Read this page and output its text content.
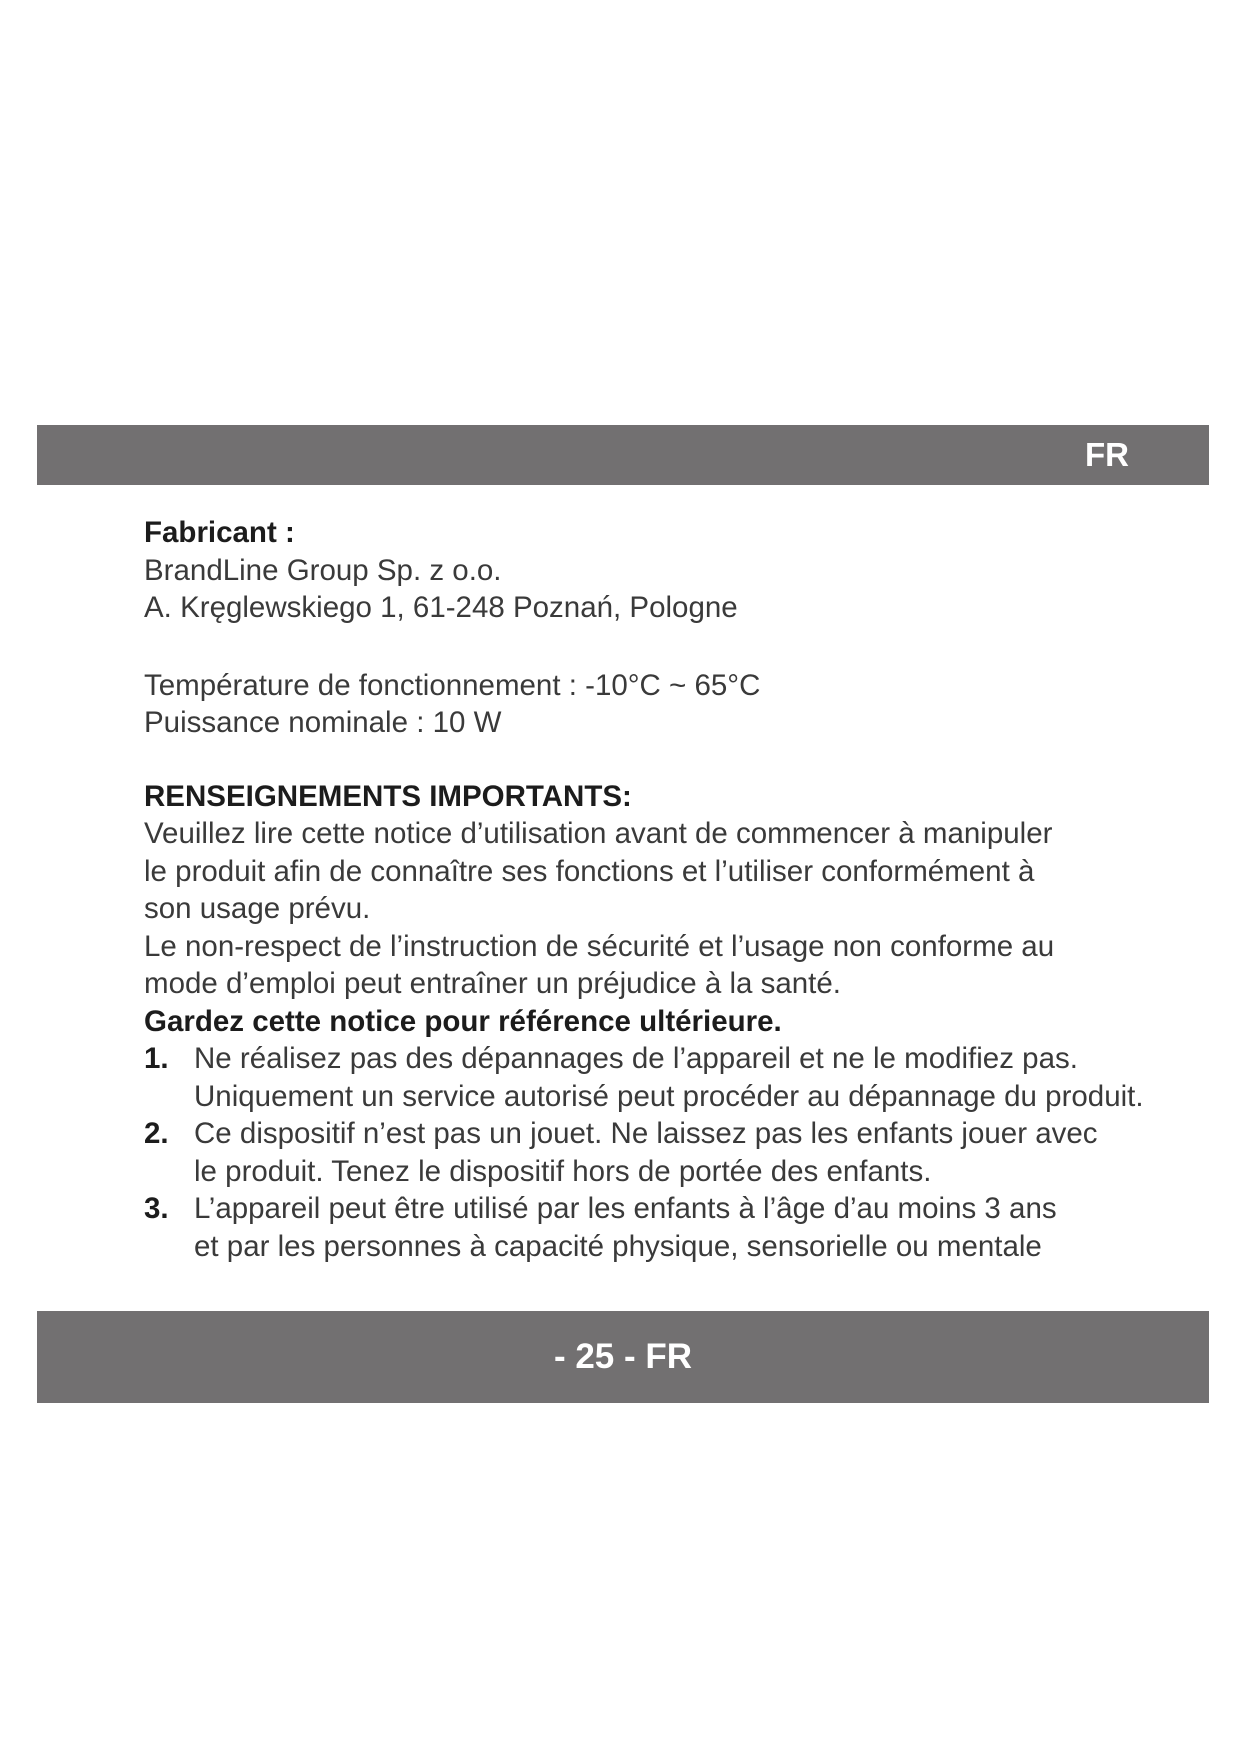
FR
Fabricant :
BrandLine Group Sp. z o.o.
A. Kręglewskiego 1, 61-248 Poznań, Pologne
Température de fonctionnement : -10°C ~ 65°C
Puissance nominale : 10 W
RENSEIGNEMENTS IMPORTANTS:
Veuillez lire cette notice d’utilisation avant de commencer à manipuler
le produit afin de connaître ses fonctions et l’utiliser conformément à
son usage prévu.
Le non-respect de l’instruction de sécurité et l’usage non conforme au
mode d’emploi peut entraîner un préjudice à la santé.
Gardez cette notice pour référence ultérieure.
1. Ne réalisez pas des dépannages de l’appareil et ne le modifiez pas.
Uniquement un service autorisé peut procéder au dépannage du produit.
2. Ce dispositif n’est pas un jouet. Ne laissez pas les enfants jouer avec
le produit. Tenez le dispositif hors de portée des enfants.
3. L’appareil peut être utilisé par les enfants à l’âge d’au moins 3 ans
et par les personnes à capacité physique, sensorielle ou mentale
- 25 - FR
